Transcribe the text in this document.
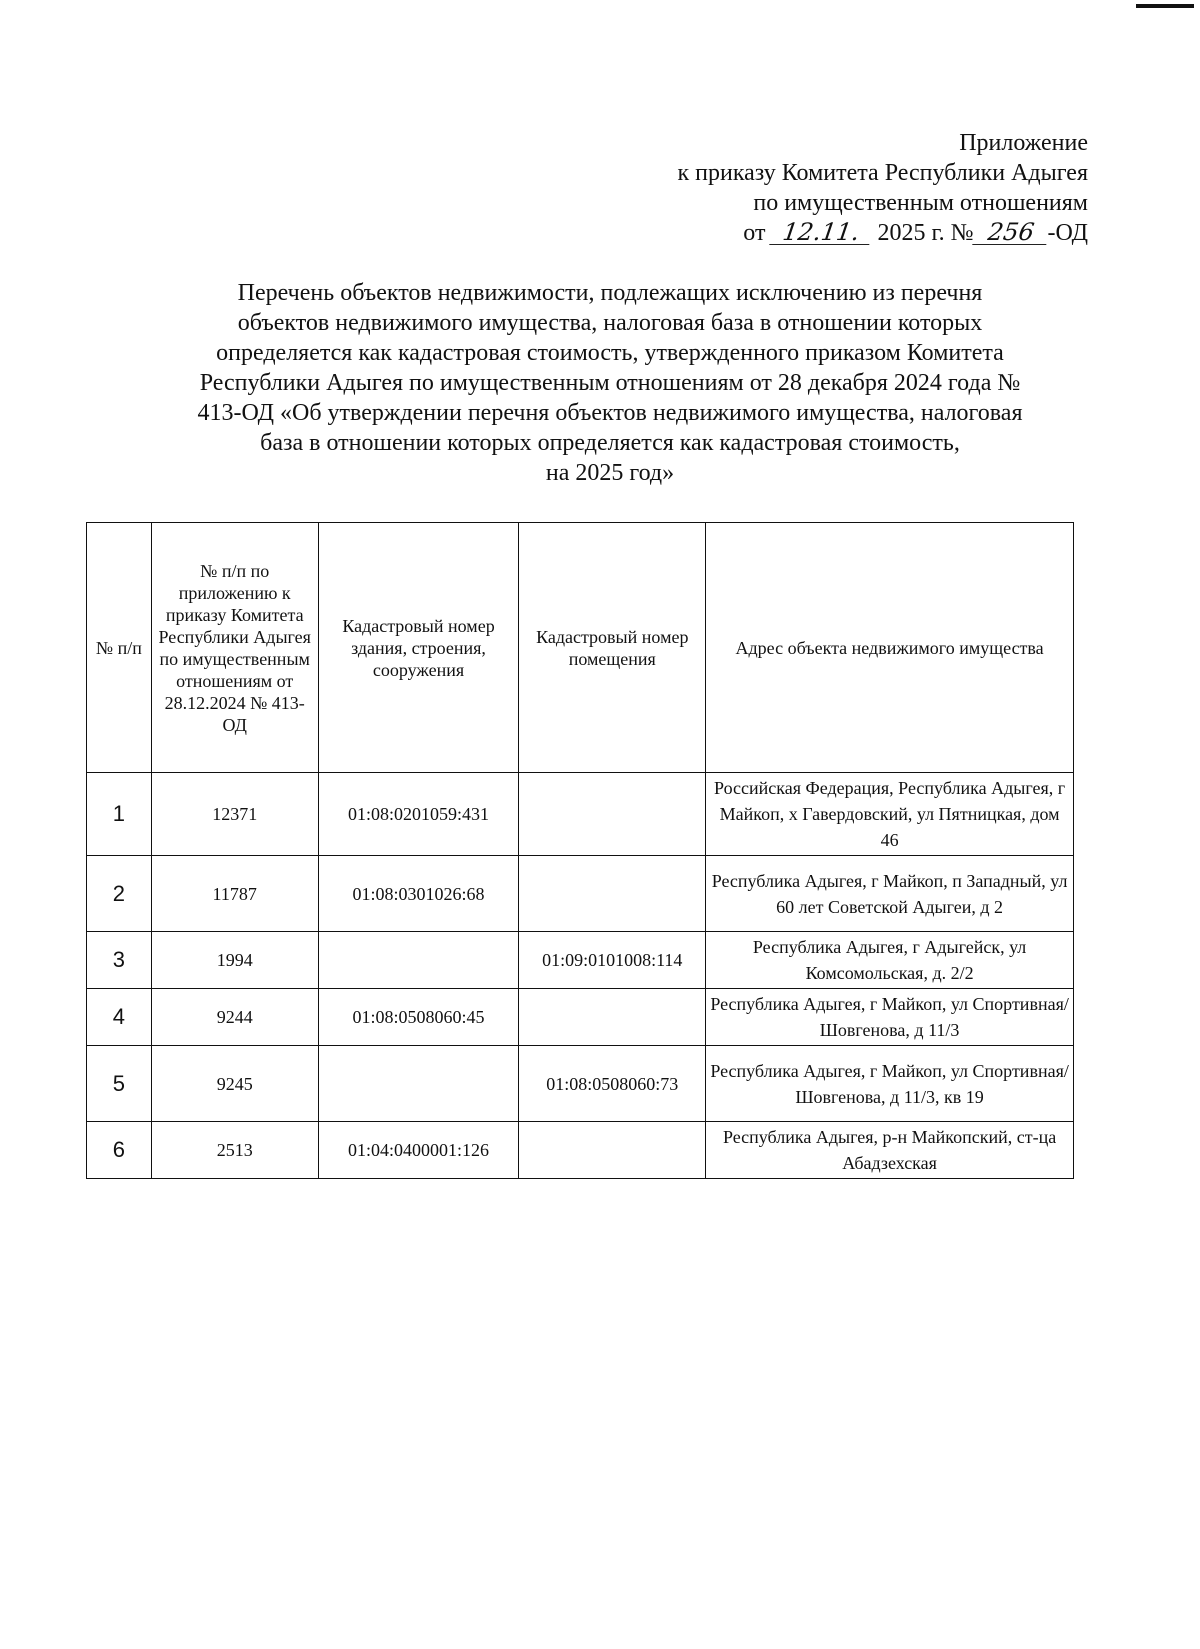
Приложение
к приказу Комитета Республики Адыгея
по имущественным отношениям
от 12.11. 2025 г. № 256 -ОД
Перечень объектов недвижимости, подлежащих исключению из перечня
объектов недвижимого имущества, налоговая база в отношении которых
определяется как кадастровая стоимость, утвержденного приказом Комитета
Республики Адыгея по имущественным отношениям от 28 декабря 2024 года №
413-ОД «Об утверждении перечня объектов недвижимого имущества, налоговая
база в отношении которых определяется как кадастровая стоимость,
на 2025 год»
№ п/п	№ п/п по приложению к приказу Комитета Республики Адыгея по имущественным отношениям от 28.12.2024 № 413-ОД	Кадастровый номер здания, строения, сооружения	Кадастровый номер помещения	Адрес объекта недвижимого имущества
1	12371	01:08:0201059:431		Российская Федерация, Республика Адыгея, г Майкоп, х Гавердовский, ул Пятницкая, дом 46
2	11787	01:08:0301026:68		Республика Адыгея, г Майкоп, п Западный, ул 60 лет Советской Адыгеи, д 2
3	1994		01:09:0101008:114	Республика Адыгея, г Адыгейск, ул Комсомольская, д. 2/2
4	9244	01:08:0508060:45		Республика Адыгея, г Майкоп, ул Спортивная/Шовгенова, д 11/3
5	9245		01:08:0508060:73	Республика Адыгея, г Майкоп, ул Спортивная/Шовгенова, д 11/3, кв 19
6	2513	01:04:0400001:126		Республика Адыгея, р-н Майкопский, ст-ца Абадзехская
